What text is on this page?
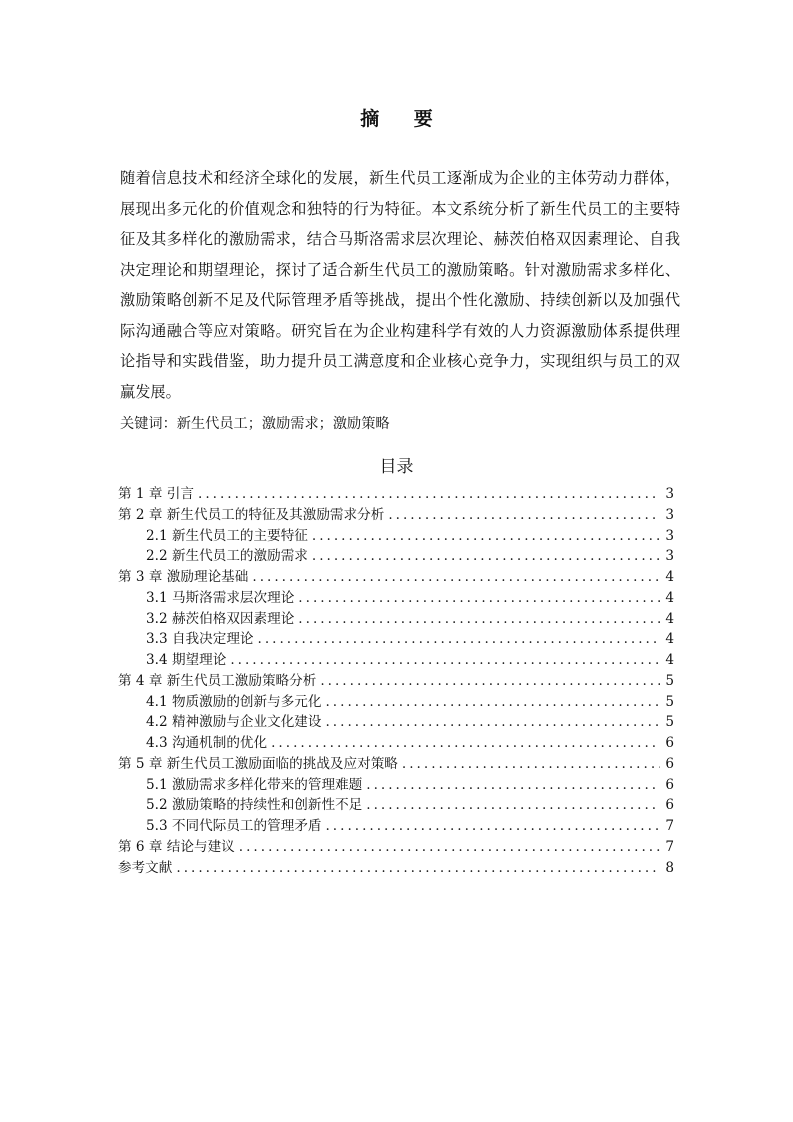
摘 要
随着信息技术和经济全球化的发展，新生代员工逐渐成为企业的主体劳动力群体，展现出多元化的价值观念和独特的行为特征。本文系统分析了新生代员工的主要特征及其多样化的激励需求，结合马斯洛需求层次理论、赫茨伯格双因素理论、自我决定理论和期望理论，探讨了适合新生代员工的激励策略。针对激励需求多样化、激励策略创新不足及代际管理矛盾等挑战，提出个性化激励、持续创新以及加强代际沟通融合等应对策略。研究旨在为企业构建科学有效的人力资源激励体系提供理论指导和实践借鉴，助力提升员工满意度和企业核心竞争力，实现组织与员工的双赢发展。
关键词：新生代员工；激励需求；激励策略
目录
第 1 章 引言 .....	3
第 2 章 新生代员工的特征及其激励需求分析 .....	3
2.1 新生代员工的主要特征 .....	3
2.2 新生代员工的激励需求 .....	3
第 3 章 激励理论基础 .....	4
3.1 马斯洛需求层次理论 .....	4
3.2 赫茨伯格双因素理论 .....	4
3.3 自我决定理论 .....	4
3.4 期望理论 .....	4
第 4 章 新生代员工激励策略分析 .....	5
4.1 物质激励的创新与多元化 .....	5
4.2 精神激励与企业文化建设 .....	5
4.3 沟通机制的优化 .....	6
第 5 章 新生代员工激励面临的挑战及应对策略 .....	6
5.1 激励需求多样化带来的管理难题 .....	6
5.2 激励策略的持续性和创新性不足 .....	6
5.3 不同代际员工的管理矛盾 .....	7
第 6 章 结论与建议 .....	7
参考文献 .....	8
